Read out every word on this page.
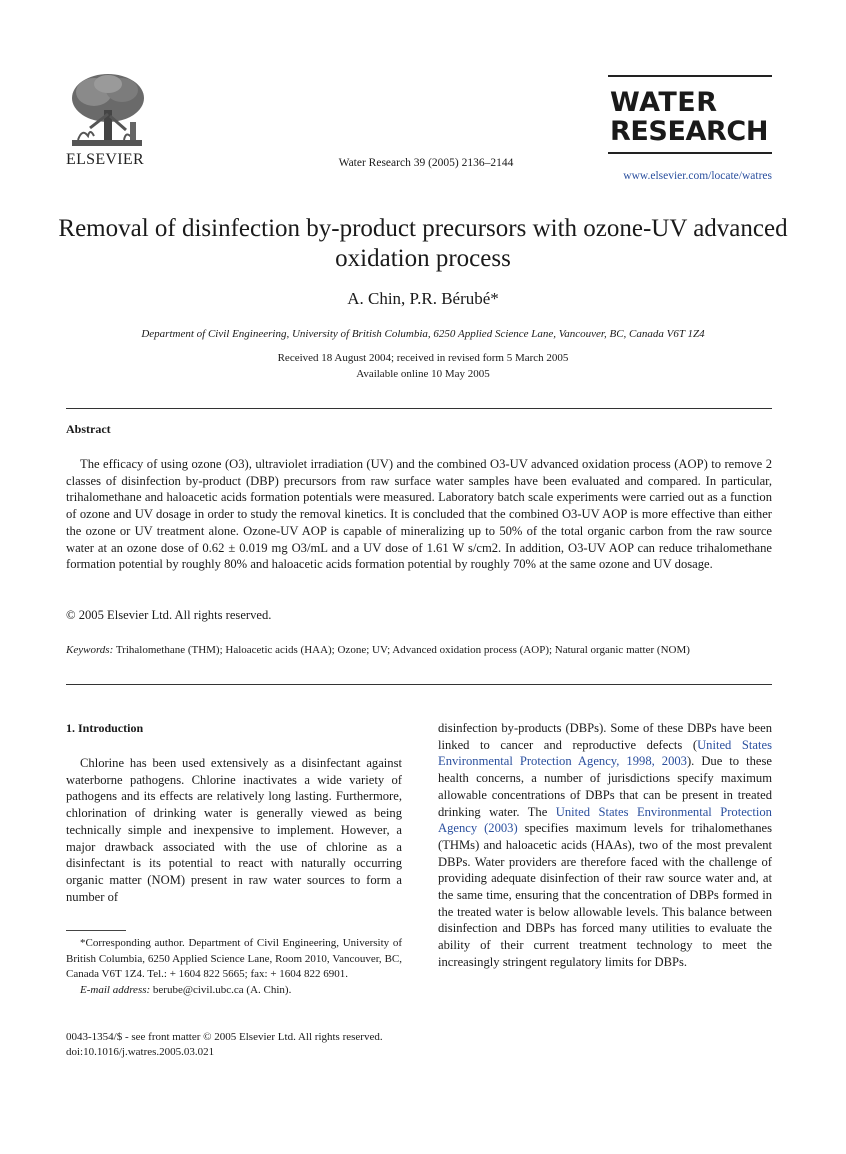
ELSEVIER	Water Research 39 (2005) 2136–2144
WATER
RESEARCH
www.elsevier.com/locate/watres
Removal of disinfection by-product precursors with ozone-UV advanced oxidation process
A. Chin, P.R. Bérubé*
Department of Civil Engineering, University of British Columbia, 6250 Applied Science Lane, Vancouver, BC, Canada V6T 1Z4
Received 18 August 2004; received in revised form 5 March 2005
Available online 10 May 2005
Abstract

The efficacy of using ozone (O3), ultraviolet irradiation (UV) and the combined O3-UV advanced oxidation process (AOP) to remove 2 classes of disinfection by-product (DBP) precursors from raw surface water samples have been evaluated and compared. In particular, trihalomethane and haloacetic acids formation potentials were measured. Laboratory batch scale experiments were carried out as a function of ozone and UV dosage in order to study the removal kinetics. It is concluded that the combined O3-UV AOP is more effective than either the ozone or UV treatment alone. Ozone-UV AOP is capable of mineralizing up to 50% of the total organic carbon from the raw source water at an ozone dose of 0.62 ± 0.019 mg O3/mL and a UV dose of 1.61 W s/cm2. In addition, O3-UV AOP can reduce trihalomethane formation potential by roughly 80% and haloacetic acids formation potential by roughly 70% at the same ozone and UV dosage.

© 2005 Elsevier Ltd. All rights reserved.
Keywords: Trihalomethane (THM); Haloacetic acids (HAA); Ozone; UV; Advanced oxidation process (AOP); Natural organic matter (NOM)
1. Introduction

Chlorine has been used extensively as a disinfectant against waterborne pathogens. Chlorine inactivates a wide variety of pathogens and its effects are relatively long lasting. Furthermore, chlorination of drinking water is generally viewed as being technically simple and inexpensive to implement. However, a major drawback associated with the use of chlorine as a disinfectant is its potential to react with naturally occurring organic matter (NOM) present in raw water sources to form a number of

disinfection by-products (DBPs). Some of these DBPs have been linked to cancer and reproductive defects (United States Environmental Protection Agency, 1998, 2003). Due to these health concerns, a number of jurisdictions specify maximum allowable concentrations of DBPs that can be present in treated drinking water. The United States Environmental Protection Agency (2003) specifies maximum levels for trihalomethanes (THMs) and haloacetic acids (HAAs), two of the most prevalent DBPs. Water providers are therefore faced with the challenge of providing adequate disinfection of their raw source water and, at the same time, ensuring that the concentration of DBPs formed in the treated water is below allowable levels. This balance between disinfection and DBPs has forced many utilities to evaluate the ability of their current treatment technology to meet the increasingly stringent regulatory limits for DBPs.

*Corresponding author. Department of Civil Engineering, University of British Columbia, 6250 Applied Science Lane, Room 2010, Vancouver, BC, Canada V6T 1Z4. Tel.: + 1604 822 5665; fax: + 1604 822 6901.

E-mail address: berube@civil.ubc.ca (A. Chin).

0043-1354/$ - see front matter © 2005 Elsevier Ltd. All rights reserved.
doi:10.1016/j.watres.2005.03.021
